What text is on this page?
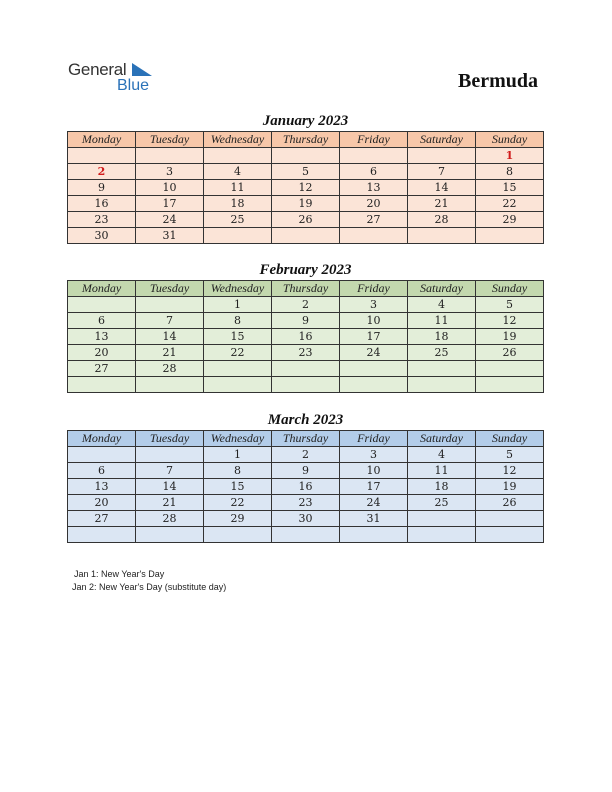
General
Blue	Bermuda
January 2023
Monday	Tuesday	Wednesday	Thursday	Friday	Saturday	Sunday
						1
2	3	4	5	6	7	8
9	10	11	12	13	14	15
16	17	18	19	20	21	22
23	24	25	26	27	28	29
30	31					
February 2023
Monday	Tuesday	Wednesday	Thursday	Friday	Saturday	Sunday
		1	2	3	4	5
6	7	8	9	10	11	12
13	14	15	16	17	18	19
20	21	22	23	24	25	26
27	28					

March 2023
Monday	Tuesday	Wednesday	Thursday	Friday	Saturday	Sunday
		1	2	3	4	5
6	7	8	9	10	11	12
13	14	15	16	17	18	19
20	21	22	23	24	25	26
27	28	29	30	31		

Jan 1: New Year's Day
Jan 2: New Year's Day (substitute day)
